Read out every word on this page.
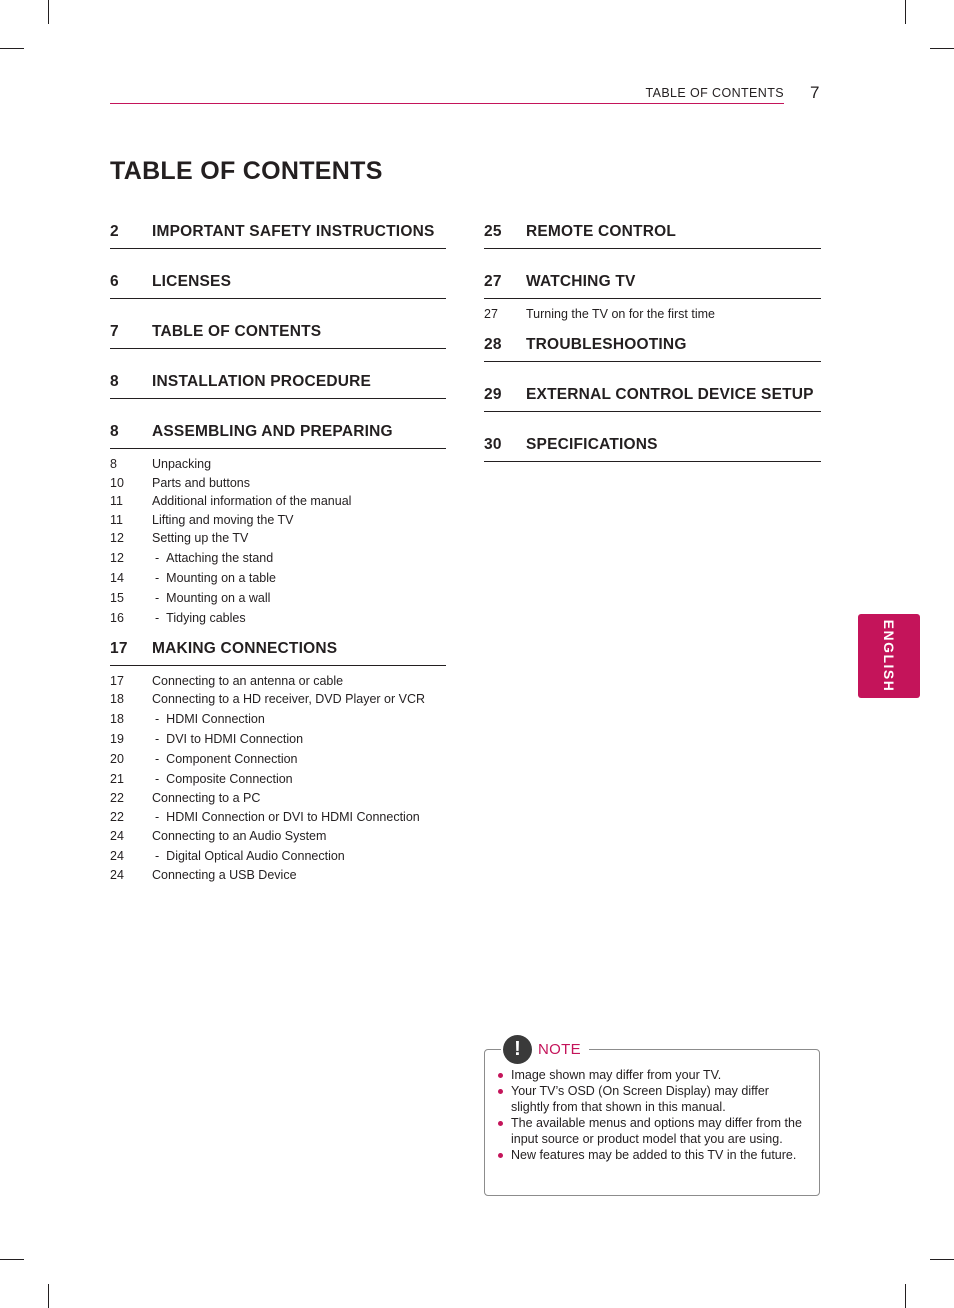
TABLE OF CONTENTS 7
TABLE OF CONTENTS
2	IMPORTANT SAFETY INSTRUCTIONS
6	LICENSES
7	TABLE OF CONTENTS
8	INSTALLATION PROCEDURE
8	ASSEMBLING AND PREPARING
8	Unpacking
10	Parts and buttons
11	Additional information of the manual
11	Lifting and moving the TV
12	Setting up the TV
12	- Attaching the stand
14	- Mounting on a table
15	- Mounting on a wall
16	- Tidying cables
17	MAKING CONNECTIONS
17	Connecting to an antenna or cable
18	Connecting to a HD receiver, DVD Player or VCR
18	- HDMI Connection
19	- DVI to HDMI Connection
20	- Component Connection
21	- Composite Connection
22	Connecting to a PC
22	- HDMI Connection or DVI to HDMI Connection
24	Connecting to an Audio System
24	- Digital Optical Audio Connection
24	Connecting a USB Device
25	REMOTE CONTROL
27	WATCHING TV
27	Turning the TV on for the first time
28	TROUBLESHOOTING
29	EXTERNAL CONTROL DEVICE SETUP
30	SPECIFICATIONS
ENGLISH
!	NOTE
Image shown may differ from your TV.
Your TV’s OSD (On Screen Display) may differ slightly from that shown in this manual.
The available menus and options may differ from the input source or product model that you are using.
New features may be added to this TV in the future.
